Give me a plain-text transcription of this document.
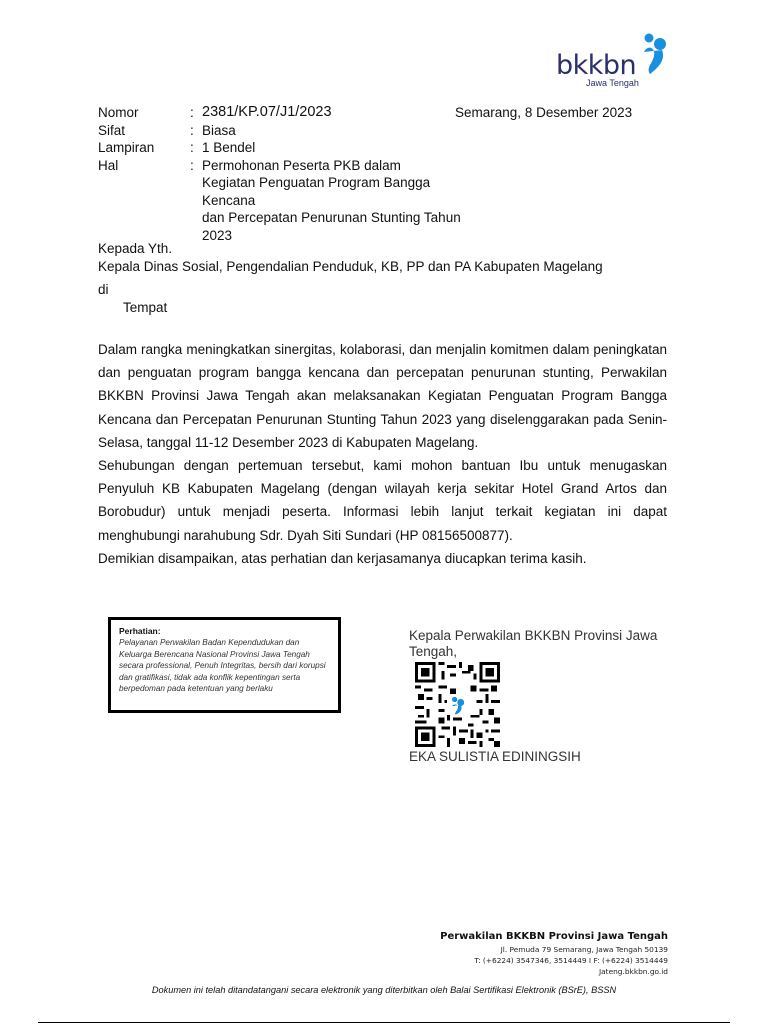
bkkbn
Jawa Tengah
Nomor	: 2381/KP.07/J1/2023
Sifat	: Biasa
Lampiran	: 1 Bendel
Hal	: Permohonan Peserta PKB dalam
Kegiatan Penguatan Program Bangga Kencana
dan Percepatan Penurunan Stunting Tahun 2023
Semarang, 8 Desember 2023
Kepada Yth.
Kepala Dinas Sosial, Pengendalian Penduduk, KB, PP dan PA Kabupaten Magelang
di
Tempat

Dalam rangka meningkatkan sinergitas, kolaborasi, dan menjalin komitmen dalam peningkatan dan penguatan program bangga kencana dan percepatan penurunan stunting, Perwakilan BKKBN Provinsi Jawa Tengah akan melaksanakan Kegiatan Penguatan Program Bangga Kencana dan Percepatan Penurunan Stunting Tahun 2023 yang diselenggarakan pada Senin-Selasa, tanggal 11-12 Desember 2023 di Kabupaten Magelang.

Sehubungan dengan pertemuan tersebut, kami mohon bantuan Ibu untuk menugaskan Penyuluh KB Kabupaten Magelang (dengan wilayah kerja sekitar Hotel Grand Artos dan Borobudur) untuk menjadi peserta. Informasi lebih lanjut terkait kegiatan ini dapat menghubungi narahubung Sdr. Dyah Siti Sundari (HP 08156500877).

Demikian disampaikan, atas perhatian dan kerjasamanya diucapkan terima kasih.

Perhatian:
Pelayanan Perwakilan Badan Kependudukan dan Keluarga Berencana Nasional Provinsi Jawa Tengah secara professional, Penuh Integritas, bersih dari korupsi dan gratifikasi, tidak ada konflik kepentingan serta berpedoman pada ketentuan yang berlaku
Kepala Perwakilan BKKBN Provinsi Jawa Tengah,
EKA SULISTIA EDININGSIH
Perwakilan BKKBN Provinsi Jawa Tengah
Jl. Pemuda 79 Semarang, Jawa Tengah 50139
T: (+6224) 3547346, 3514449 I F: (+6224) 3514449
Jateng.bkkbn.go.id
Dokumen ini telah ditandatangani secara elektronik yang diterbitkan oleh Balai Sertifikasi Elektronik (BSrE), BSSN
